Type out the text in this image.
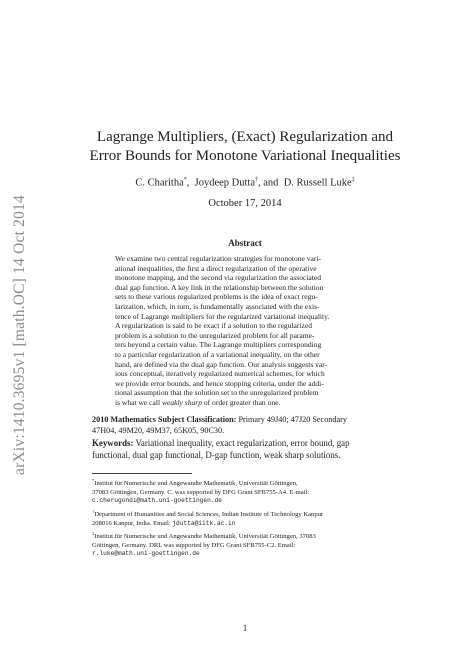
arXiv:1410.3695v1 [math.OC] 14 Oct 2014
Lagrange Multipliers, (Exact) Regularization and
Error Bounds for Monotone Variational Inequalities
C. Charitha*,  Joydeep Dutta†, and D. Russell Luke‡
October 17, 2014
Abstract
We examine two central regularization strategies for monotone vari-
ational inequalities, the first a direct regularization of the operative
monotone mapping, and the second via regularization the associated
dual gap function. A key link in the relationship between the solution
sets to these various regularized problems is the idea of exact regu-
larization, which, in turn, is fundamentally associated with the exis-
tence of Lagrange multipliers for the regularized variational inequality.
A regularization is said to be exact if a solution to the regularized
problem is a solution to the unregularized problem for all parame-
ters beyond a certain value. The Lagrange multipliers corresponding
to a particular regularization of a variational inequality, on the other
hand, are defined via the dual gap function. Our analysis suggests var-
ious conceptual, iteratively regularized numerical schemes, for which
we provide error bounds, and hence stopping criteria, under the addi-
tional assumption that the solution set to the unregularized problem
is what we call weakly sharp of order greater than one.
2010 Mathematics Subject Classification: Primary 49J40; 47J20 Secondary
47H04, 49M20, 49M37, 65K05, 90C30.
Keywords: Variational inequality, exact regularization, error bound, gap
functional, dual gap functional, D-gap function, weak sharp solutions.
*Institut für Numerische und Angewandte Mathematik, Universität Göttingen,
37083 Göttingen, Germany. C. was supported by DFG Grant SFB755-A4. E-mail:
c.cherugondi@math.uni-goettingen.de
†Department of Humanities and Social Sciences, Indian Institute of Technology Kanpur
208016 Kanpur, India. Email: jdutta@iitk.ac.in
‡Institut für Numerische und Angewandte Mathematik, Universität Göttingen, 37083
Göttingen, Germany. DRL was supported by DFG Grant SFB755-C2. Email:
r.luke@math.uni-goettingen.de
1
